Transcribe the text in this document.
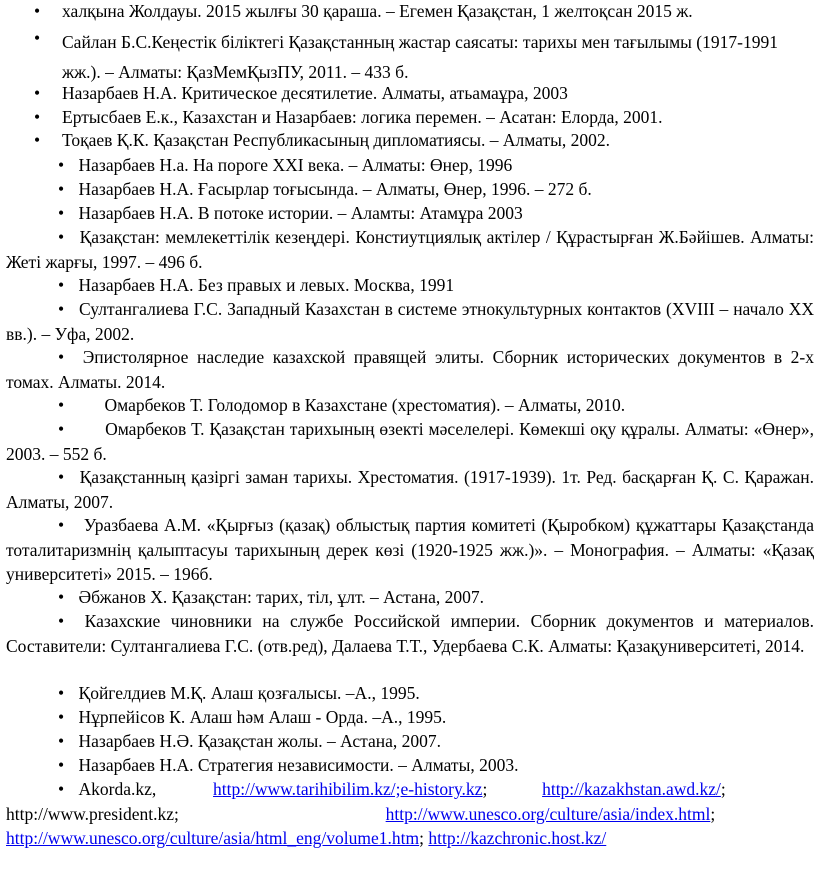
• халқына Жолдауы. 2015 жылғы 30 қараша. – Егемен Қазақстан, 1 желтоқсан 2015 ж.
• Сайлан Б.С.Кеңестік біліктегі Қазақстанның жастар саясаты: тарихы мен тағылымы (1917-1991 жж.). – Алматы: ҚазМемҚызПУ, 2011. – 433 б.
• Назарбаев Н.А. Критическое десятилетие. Алматы, атьамаұра, 2003
• Ертысбаев Е.к., Казахстан и Назарбаев: логика перемен. – Асатан: Елорда, 2001.
• Тоқаев Қ.К. Қазақстан Республикасының дипломатиясы. – Алматы, 2002.
• Назарбаев Н.а. На пороге XXI века. – Алматы: Өнер, 1996
• Назарбаев Н.А. Ғасырлар тоғысында. – Алматы, Өнер, 1996. – 272 б.
• Назарбаев Н.А. В потоке истории. – Аламты: Атамұра 2003
• Қазақстан: мемлекеттілік кезеңдері. Констиутциялық актілер / Құрастырған Ж.Бәйішев. Алматы: Жеті жарғы, 1997. – 496 б.
• Назарбаев Н.А. Без правых и левых. Москва, 1991
• Султангалиева Г.С. Западный Казахстан в системе этнокультурных контактов (XVIII – начало XX вв.). – Уфа, 2002.
• Эпистолярное наследие казахской правящей элиты. Сборник исторических документов в 2-х томах. Алматы. 2014.
• Омарбеков Т. Голодомор в Казахстане (хрестоматия). – Алматы, 2010.
• Омарбеков Т. Қазақстан тарихының өзекті мәселелері. Көмекші оқу құралы. Алматы: «Өнер», 2003. – 552 б.
• Қазақстанның қазіргі заман тарихы. Хрестоматия. (1917-1939). 1т. Ред. басқарған Қ. С. Қаражан. Алматы, 2007.
• Уразбаева А.М. «Қырғыз (қазақ) облыстық партия комитеті (Қыробком) құжаттары Қазақстанда тоталитаризмнің қалыптасуы тарихының дерек көзі (1920-1925 жж.)». – Монография. – Алматы: «Қазақ университеті» 2015. – 196б.
• Әбжанов Х. Қазақстан: тарих, тіл, ұлт. – Астана, 2007.
• Казахские чиновники на службе Российской империи. Сборник документов и материалов. Составители: Султангалиева Г.С. (отв.ред), Далаева Т.Т., Удербаева С.К. Алматы: Қазақуниверситеті, 2014.
• Қойгелдиев М.Қ. Алаш қозғалысы. –А., 1995.
• Нұрпейісов К. Алаш һәм Алаш - Орда. –А., 1995.
• Назарбаев Н.Ә. Қазақстан жолы. – Астана, 2007.
• Назарбаев Н.А. Стратегия независимости. – Алматы, 2003.
• Akorda.kz,	http://www.tarihibilim.kz/;e-history.kz;	http://kazakhstan.awd.kz/;
http://www.president.kz;	http://www.unesco.org/culture/asia/index.html;
http://www.unesco.org/culture/asia/html_eng/volume1.htm; http://kazchronic.host.kz/
